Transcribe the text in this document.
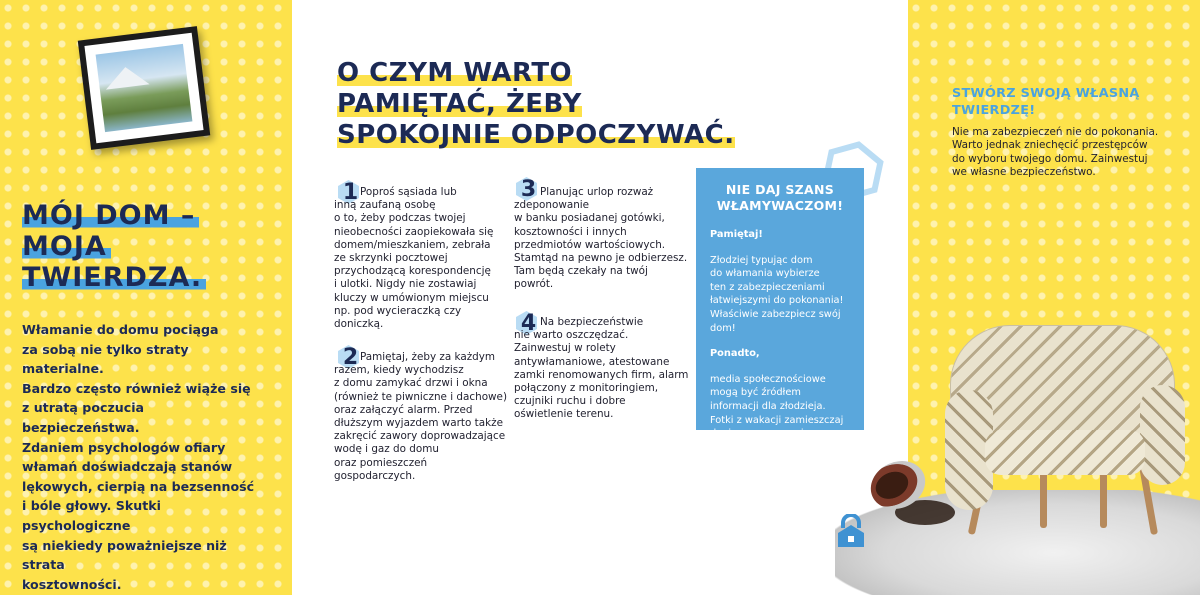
MÓJ DOM –
MOJA
TWIERDZA.
Włamanie do domu pociąga
za sobą nie tylko straty materialne.
Bardzo często również wiąże się
z utratą poczucia bezpieczeństwa.
Zdaniem psychologów ofiary
włamań doświadczają stanów
lękowych, cierpią na bezsenność
i bóle głowy. Skutki psychologiczne
są niekiedy poważniejsze niż strata
kosztowności.
O CZYM WARTO
PAMIĘTAĆ, ŻEBY
SPOKOJNIE ODPOCZYWAĆ.
1 Poproś sąsiada lub
inną zaufaną osobę
o to, żeby podczas twojej
nieobecności zaopiekowała się
domem/mieszkaniem, zebrała
ze skrzynki pocztowej
przychodzącą korespondencję
i ulotki. Nigdy nie zostawiaj
kluczy w umówionym miejscu
np. pod wycieraczką czy
doniczką.
2 Pamiętaj, żeby za każdym
razem, kiedy wychodzisz
z domu zamykać drzwi i okna
(również te piwniczne i dachowe)
oraz załączyć alarm. Przed
dłuższym wyjazdem warto także
zakręcić zawory doprowadzające
wodę i gaz do domu
oraz pomieszczeń
gospodarczych.
3 Planując urlop rozważ
zdeponowanie
w banku posiadanej gotówki,
kosztowności i innych
przedmiotów wartościowych.
Stamtąd na pewno je odbierzesz.
Tam będą czekały na twój
powrót.
4 Na bezpieczeństwie
nie warto oszczędzać.
Zainwestuj w rolety
antywłamaniowe, atestowane
zamki renomowanych firm, alarm
połączony z monitoringiem,
czujniki ruchu i dobre
oświetlenie terenu.
NIE DAJ SZANS
WŁAMYWACZOM!
Pamiętaj!
Złodziej typując dom
do włamania wybierze
ten z zabezpieczeniami
łatwiejszymi do pokonania!
Właściwie zabezpiecz swój
dom!
Ponadto,
media społecznościowe
mogą być źródłem
informacji dla złodzieja.
Fotki z wakacji zamieszczaj
dopiero po powrocie.
STWÓRZ SWOJĄ WŁASNĄ
TWIERDZĘ!
Nie ma zabezpieczeń nie do pokonania.
Warto jednak zniechęcić przestępców
do wyboru twojego domu. Zainwestuj
we własne bezpieczeństwo.
